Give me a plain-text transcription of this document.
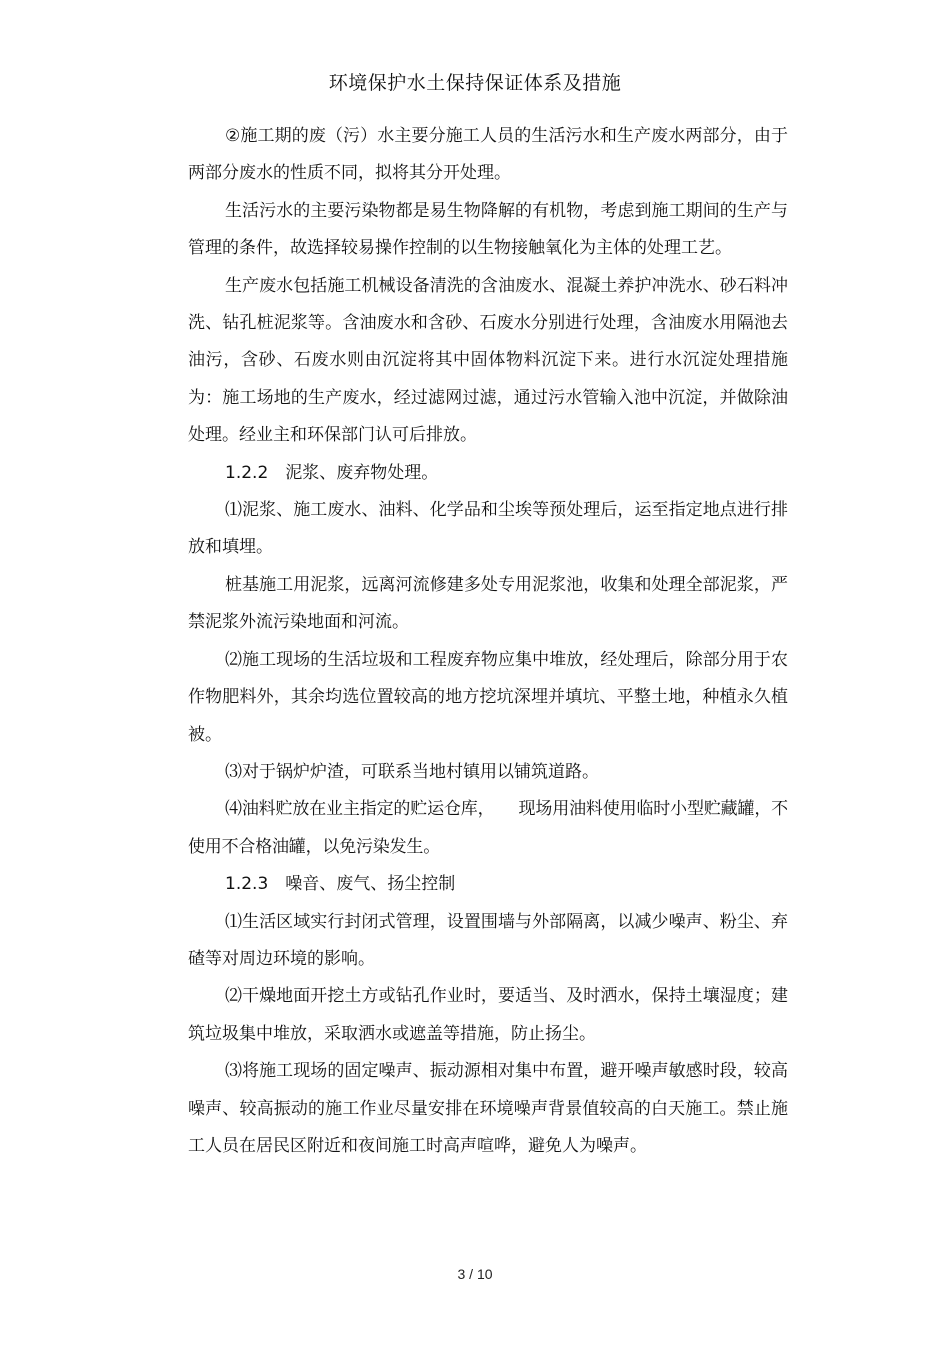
环境保护水土保持保证体系及措施

②施工期的废（污）水主要分施工人员的生活污水和生产废水两部分，由于两部分废水的性质不同，拟将其分开处理。

生活污水的主要污染物都是易生物降解的有机物，考虑到施工期间的生产与管理的条件，故选择较易操作控制的以生物接触氧化为主体的处理工艺。

生产废水包括施工机械设备清洗的含油废水、混凝土养护冲洗水、砂石料冲洗、钻孔桩泥浆等。含油废水和含砂、石废水分别进行处理，含油废水用隔池去油污，含砂、石废水则由沉淀将其中固体物料沉淀下来。进行水沉淀处理措施为：施工场地的生产废水，经过滤网过滤，通过污水管输入池中沉淀，并做除油处理。经业主和环保部门认可后排放。

1.2.2　泥浆、废弃物处理。

⑴泥浆、施工废水、油料、化学品和尘埃等预处理后，运至指定地点进行排放和填埋。

桩基施工用泥浆，远离河流修建多处专用泥浆池，收集和处理全部泥浆，严禁泥浆外流污染地面和河流。

⑵施工现场的生活垃圾和工程废弃物应集中堆放，经处理后，除部分用于农作物肥料外，其余均选位置较高的地方挖坑深埋并填坑、平整土地，种植永久植被。

⑶对于锅炉炉渣，可联系当地村镇用以铺筑道路。

⑷油料贮放在业主指定的贮运仓库， 现场用油料使用临时小型贮藏罐，不使用不合格油罐，以免污染发生。

1.2.3　噪音、废气、扬尘控制

⑴生活区域实行封闭式管理，设置围墙与外部隔离，以减少噪声、粉尘、弃碴等对周边环境的影响。

⑵干燥地面开挖土方或钻孔作业时，要适当、及时洒水，保持土壤湿度；建筑垃圾集中堆放，采取洒水或遮盖等措施，防止扬尘。

⑶将施工现场的固定噪声、振动源相对集中布置，避开噪声敏感时段，较高噪声、较高振动的施工作业尽量安排在环境噪声背景值较高的白天施工。禁止施工人员在居民区附近和夜间施工时高声喧哗，避免人为噪声。

3 / 10
